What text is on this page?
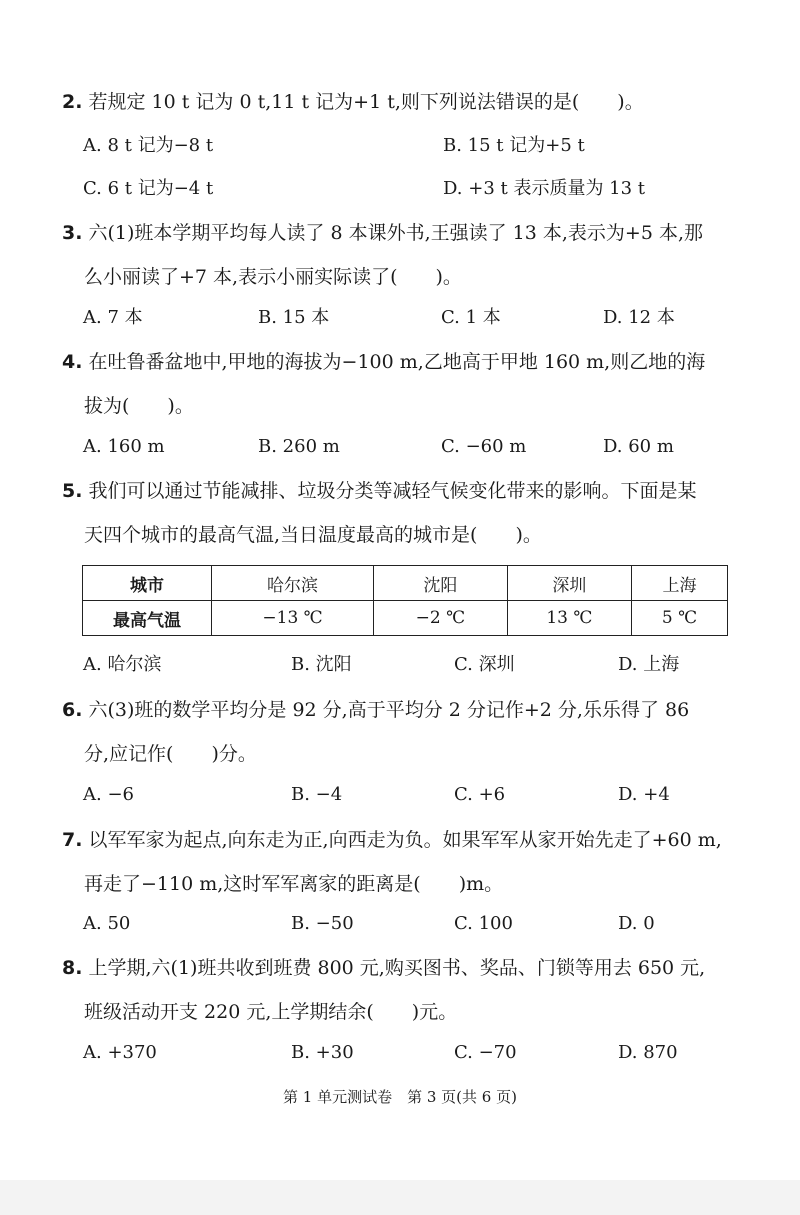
2. 若规定 10 t 记为 0 t,11 t 记为+1 t,则下列说法错误的是(　　)。
A. 8 t 记为−8 t	B. 15 t 记为+5 t
C. 6 t 记为−4 t	D. +3 t 表示质量为 13 t
3. 六(1)班本学期平均每人读了 8 本课外书,王强读了 13 本,表示为+5 本,那
么小丽读了+7 本,表示小丽实际读了(　　)。
A. 7 本	B. 15 本	C. 1 本	D. 12 本
4. 在吐鲁番盆地中,甲地的海拔为−100 m,乙地高于甲地 160 m,则乙地的海
拔为(　　)。
A. 160 m	B. 260 m	C. −60 m	D. 60 m
5. 我们可以通过节能减排、垃圾分类等减轻气候变化带来的影响。下面是某
天四个城市的最高气温,当日温度最高的城市是(　　)。
城市	哈尔滨	沈阳	深圳	上海
最高气温	−13 ℃	−2 ℃	13 ℃	5 ℃
A. 哈尔滨	B. 沈阳	C. 深圳	D. 上海
6. 六(3)班的数学平均分是 92 分,高于平均分 2 分记作+2 分,乐乐得了 86
分,应记作(　　)分。
A. −6	B. −4	C. +6	D. +4
7. 以军军家为起点,向东走为正,向西走为负。如果军军从家开始先走了+60 m,
再走了−110 m,这时军军离家的距离是(　　)m。
A. 50	B. −50	C. 100	D. 0
8. 上学期,六(1)班共收到班费 800 元,购买图书、奖品、门锁等用去 650 元,
班级活动开支 220 元,上学期结余(　　)元。
A. +370	B. +30	C. −70	D. 870
第 1 单元测试卷　第 3 页(共 6 页)
